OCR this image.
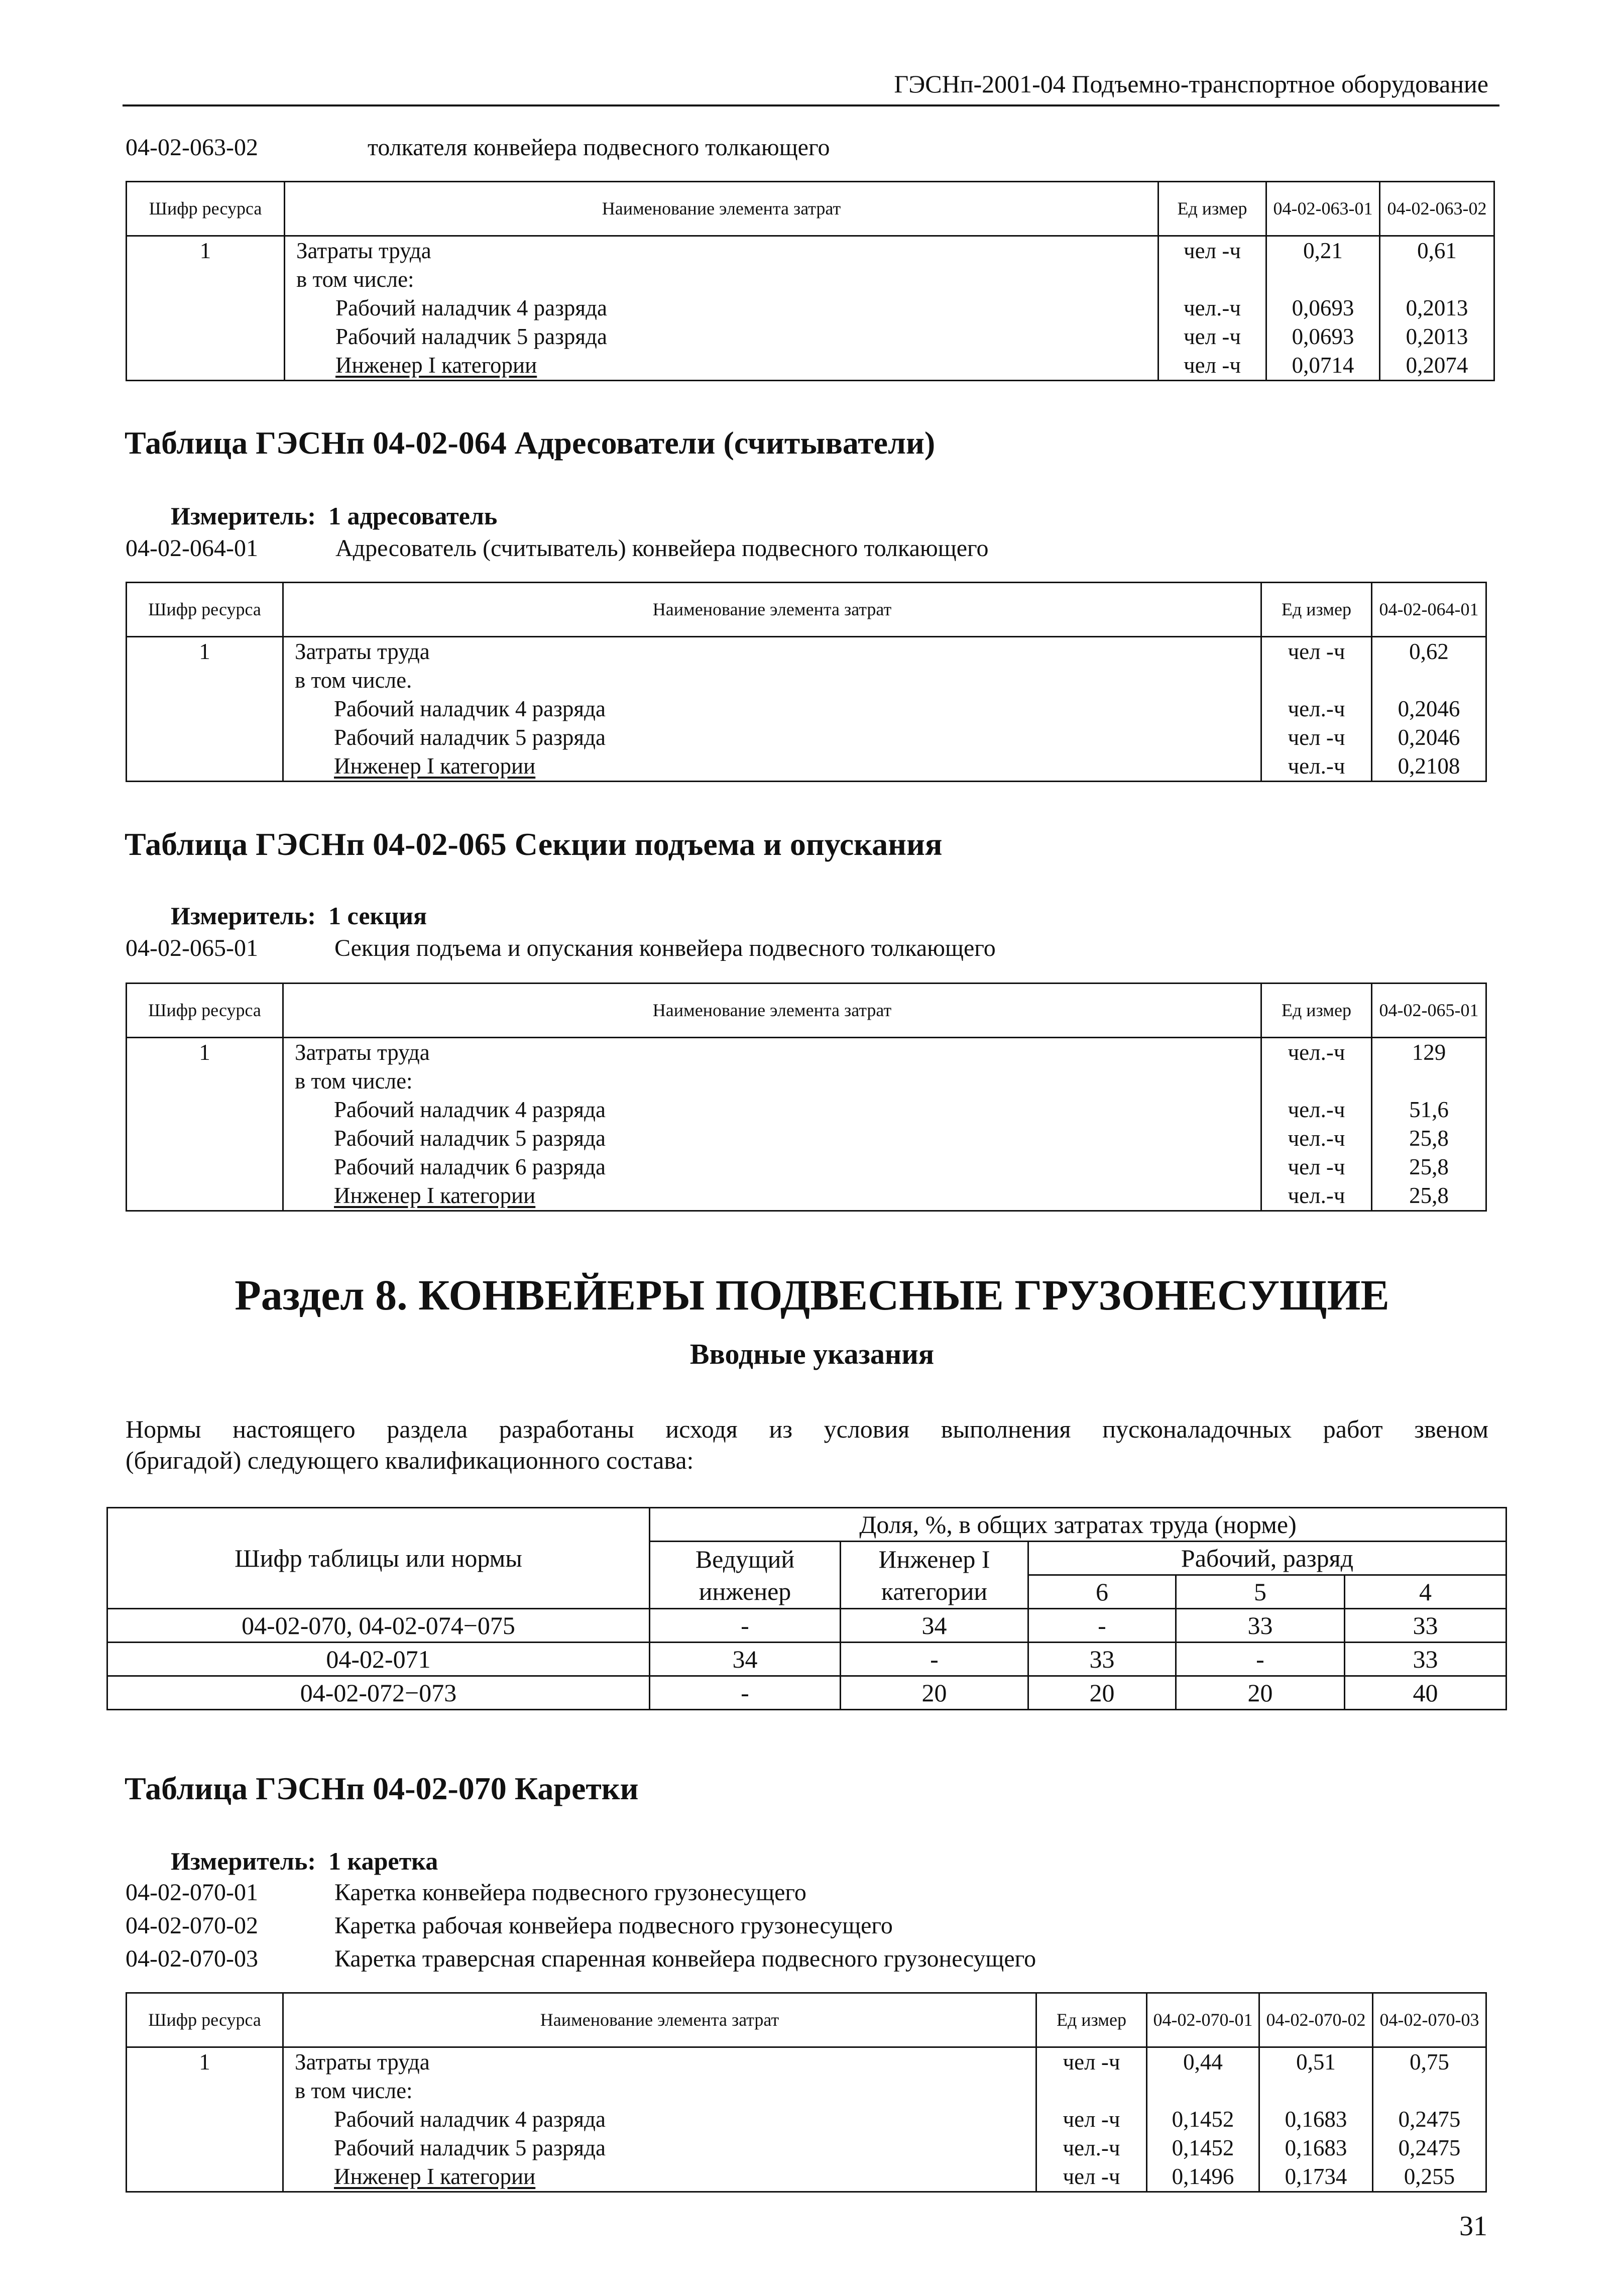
ГЭСНп-2001-04 Подъемно-транспортное оборудование
04-02-063-02	толкателя конвейера подвесного толкающего
Шифр ресурса	Наименование элемента затрат	Ед измер	04-02-063-01	04-02-063-02
1	Затраты труда	чел -ч	0,21	0,61
	в том числе:			
	Рабочий наладчик 4 разряда	чел.-ч	0,0693	0,2013
	Рабочий наладчик 5 разряда	чел -ч	0,0693	0,2013
	Инженер I категории	чел -ч	0,0714	0,2074
Таблица ГЭСНп 04-02-064 Адресователи (считыватели)
Измеритель: 1 адресователь
04-02-064-01	Адресователь (считыватель) конвейера подвесного толкающего
Шифр ресурса	Наименование элемента затрат	Ед измер	04-02-064-01
1	Затраты труда	чел -ч	0,62
	в том числе.		
	Рабочий наладчик 4 разряда	чел.-ч	0,2046
	Рабочий наладчик 5 разряда	чел -ч	0,2046
	Инженер I категории	чел.-ч	0,2108
Таблица ГЭСНп 04-02-065 Секции подъема и опускания
Измеритель: 1 секция
04-02-065-01	Секция подъема и опускания конвейера подвесного толкающего
Шифр ресурса	Наименование элемента затрат	Ед измер	04-02-065-01
1	Затраты труда	чел.-ч	129
	в том числе:		
	Рабочий наладчик 4 разряда	чел.-ч	51,6
	Рабочий наладчик 5 разряда	чел.-ч	25,8
	Рабочий наладчик 6 разряда	чел -ч	25,8
	Инженер I категории	чел.-ч	25,8
Раздел 8. КОНВЕЙЕРЫ ПОДВЕСНЫЕ ГРУЗОНЕСУЩИЕ
Вводные указания
Нормы настоящего раздела разработаны исходя из условия выполнения пусконаладочных работ звеном
(бригадой) следующего квалификационного состава:
Шифр таблицы или нормы	Доля, %, в общих затратах труда (норме)				
	Ведущий инженер	Инженер I категории	Рабочий, разряд		
			6	5	4
04-02-070, 04-02-074−075	-	34	-	33	33
04-02-071	34	-	33	-	33
04-02-072−073	-	20	20	20	40
Таблица ГЭСНп 04-02-070 Каретки
Измеритель: 1 каретка
04-02-070-01	Каретка конвейера подвесного грузонесущего
04-02-070-02	Каретка рабочая конвейера подвесного грузонесущего
04-02-070-03	Каретка траверсная спаренная конвейера подвесного грузонесущего
Шифр ресурса	Наименование элемента затрат	Ед измер	04-02-070-01	04-02-070-02	04-02-070-03
1	Затраты труда	чел -ч	0,44	0,51	0,75
	в том числе:				
	Рабочий наладчик 4 разряда	чел -ч	0,1452	0,1683	0,2475
	Рабочий наладчик 5 разряда	чел.-ч	0,1452	0,1683	0,2475
	Инженер I категории	чел -ч	0,1496	0,1734	0,255
31
